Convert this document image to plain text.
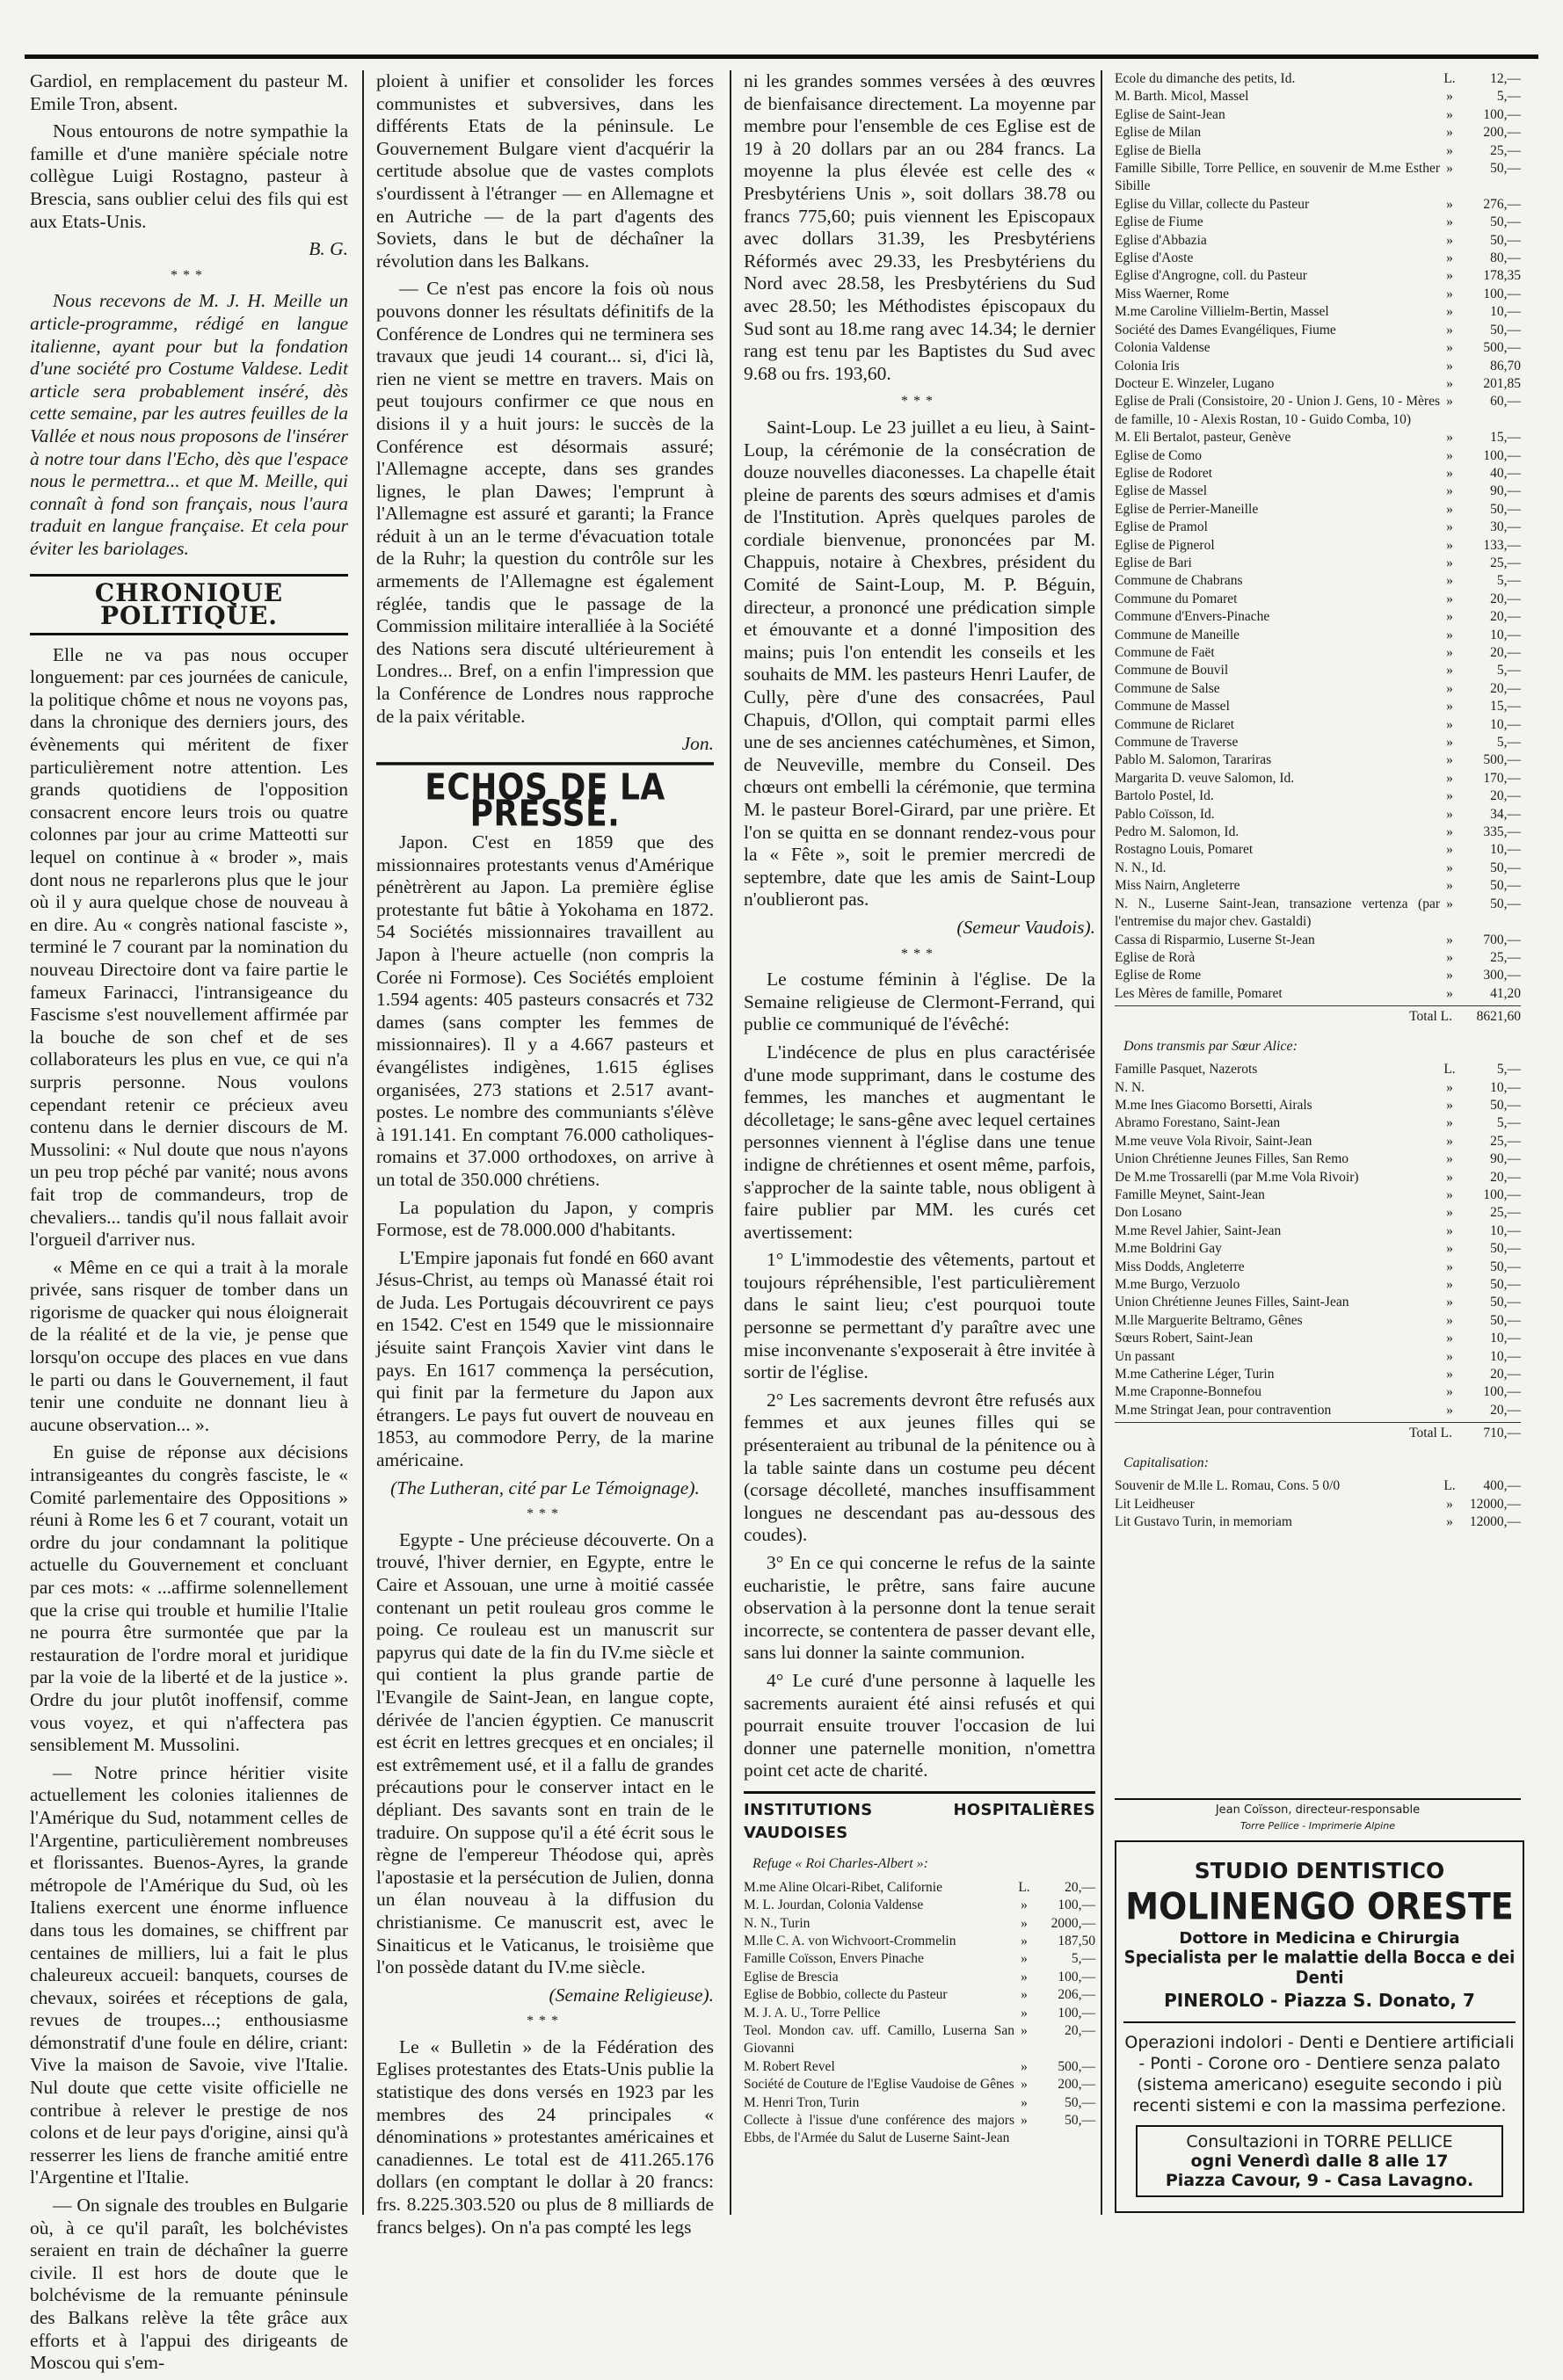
Gardiol, en remplacement du pasteur M. Emile Tron, absent.

Nous entourons de notre sympathie la famille et d'une manière spéciale notre collègue Luigi Rostagno, pasteur à Brescia, sans oublier celui des fils qui est aux Etats-Unis.

B. G.
***

Nous recevons de M. J. H. Meille un article-programme, rédigé en langue italienne, ayant pour but la fondation d'une société pro Costume Valdese. Ledit article sera probablement inséré, dès cette semaine, par les autres feuilles de la Vallée et nous nous proposons de l'insérer à notre tour dans l'Echo, dès que l'espace nous le permettra... et que M. Meille, qui connaît à fond son français, nous l'aura traduit en langue française. Et cela pour éviter les bariolages.

CHRONIQUE POLITIQUE.

Elle ne va pas nous occuper longuement: par ces journées de canicule, la politique chôme et nous ne voyons pas, dans la chronique des derniers jours, des évènements qui méritent de fixer particulièrement notre attention. Les grands quotidiens de l'opposition consacrent encore leurs trois ou quatre colonnes par jour au crime Matteotti sur lequel on continue à « broder », mais dont nous ne reparlerons plus que le jour où il y aura quelque chose de nouveau à en dire. Au « congrès national fasciste », terminé le 7 courant par la nomination du nouveau Directoire dont va faire partie le fameux Farinacci, l'intransigeance du Fascisme s'est nouvellement affirmée par la bouche de son chef et de ses collaborateurs les plus en vue, ce qui n'a surpris personne. Nous voulons cependant retenir ce précieux aveu contenu dans le dernier discours de M. Mussolini: « Nul doute que nous n'ayons un peu trop péché par vanité; nous avons fait trop de commandeurs, trop de chevaliers... tandis qu'il nous fallait avoir l'orgueil d'arriver nus.

« Même en ce qui a trait à la morale privée, sans risquer de tomber dans un rigorisme de quacker qui nous éloignerait de la réalité et de la vie, je pense que lorsqu'on occupe des places en vue dans le parti ou dans le Gouvernement, il faut tenir une conduite ne donnant lieu à aucune observation... ».

En guise de réponse aux décisions intransigeantes du congrès fasciste, le « Comité parlementaire des Oppositions » réuni à Rome les 6 et 7 courant, votait un ordre du jour condamnant la politique actuelle du Gouvernement et concluant par ces mots: « ...affirme solennellement que la crise qui trouble et humilie l'Italie ne pourra être surmontée que par la restauration de l'ordre moral et juridique par la voie de la liberté et de la justice ». Ordre du jour plutôt inoffensif, comme vous voyez, et qui n'affectera pas sensiblement M. Mussolini.

— Notre prince héritier visite actuellement les colonies italiennes de l'Amérique du Sud, notamment celles de l'Argentine, particulièrement nombreuses et florissantes. Buenos-Ayres, la grande métropole de l'Amérique du Sud, où les Italiens exercent une énorme influence dans tous les domaines, se chiffrent par centaines de milliers, lui a fait le plus chaleureux accueil: banquets, courses de chevaux, soirées et réceptions de gala, revues de troupes...; enthousiasme démonstratif d'une foule en délire, criant: Vive la maison de Savoie, vive l'Italie. Nul doute que cette visite officielle ne contribue à relever le prestige de nos colons et de leur pays d'origine, ainsi qu'à resserrer les liens de franche amitié entre l'Argentine et l'Italie.

— On signale des troubles en Bulgarie où, à ce qu'il paraît, les bolchévistes seraient en train de déchaîner la guerre civile. Il est hors de doute que le bolchévisme de la remuante péninsule des Balkans relève la tête grâce aux efforts et à l'appui des dirigeants de Moscou qui s'em-

ploient à unifier et consolider les forces communistes et subversives, dans les différents Etats de la péninsule. Le Gouvernement Bulgare vient d'acquérir la certitude absolue que de vastes complots s'ourdissent à l'étranger — en Allemagne et en Autriche — de la part d'agents des Soviets, dans le but de déchaîner la révolution dans les Balkans.

— Ce n'est pas encore la fois où nous pouvons donner les résultats définitifs de la Conférence de Londres qui ne terminera ses travaux que jeudi 14 courant... si, d'ici là, rien ne vient se mettre en travers. Mais on peut toujours confirmer ce que nous en disions il y a huit jours: le succès de la Conférence est désormais assuré; l'Allemagne accepte, dans ses grandes lignes, le plan Dawes; l'emprunt à l'Allemagne est assuré et garanti; la France réduit à un an le terme d'évacuation totale de la Ruhr; la question du contrôle sur les armements de l'Allemagne est également réglée, tandis que le passage de la Commission militaire interalliée à la Société des Nations sera discuté ultérieurement à Londres... Bref, on a enfin l'impression que la Conférence de Londres nous rapproche de la paix véritable.

Jon.
ECHOS DE LA PRESSE.

Japon. C'est en 1859 que des missionnaires protestants venus d'Amérique pénètrèrent au Japon. La première église protestante fut bâtie à Yokohama en 1872. 54 Sociétés missionnaires travaillent au Japon à l'heure actuelle (non compris la Corée ni Formose). Ces Sociétés emploient 1.594 agents: 405 pasteurs consacrés et 732 dames (sans compter les femmes de missionnaires). Il y a 4.667 pasteurs et évangélistes indigènes, 1.615 églises organisées, 273 stations et 2.517 avant-postes. Le nombre des communiants s'élève à 191.141. En comptant 76.000 catholiques-romains et 37.000 orthodoxes, on arrive à un total de 350.000 chrétiens.

La population du Japon, y compris Formose, est de 78.000.000 d'habitants.

L'Empire japonais fut fondé en 660 avant Jésus-Christ, au temps où Manassé était roi de Juda. Les Portugais découvrirent ce pays en 1542. C'est en 1549 que le missionnaire jésuite saint François Xavier vint dans le pays. En 1617 commença la persécution, qui finit par la fermeture du Japon aux étrangers. Le pays fut ouvert de nouveau en 1853, au commodore Perry, de la marine américaine.

(The Lutheran, cité par Le Témoignage).
***

Egypte - Une précieuse découverte. On a trouvé, l'hiver dernier, en Egypte, entre le Caire et Assouan, une urne à moitié cassée contenant un petit rouleau gros comme le poing. Ce rouleau est un manuscrit sur papyrus qui date de la fin du IV.me siècle et qui contient la plus grande partie de l'Evangile de Saint-Jean, en langue copte, dérivée de l'ancien égyptien. Ce manuscrit est écrit en lettres grecques et en onciales; il est extrêmement usé, et il a fallu de grandes précautions pour le conserver intact en le dépliant. Des savants sont en train de le traduire. On suppose qu'il a été écrit sous le règne de l'empereur Théodose qui, après l'apostasie et la persécution de Julien, donna un élan nouveau à la diffusion du christianisme. Ce manuscrit est, avec le Sinaiticus et le Vaticanus, le troisième que l'on possède datant du IV.me siècle.

(Semaine Religieuse).
***

Le « Bulletin » de la Fédération des Eglises protestantes des Etats-Unis publie la statistique des dons versés en 1923 par les membres des 24 principales « dénominations » protestantes américaines et canadiennes. Le total est de 411.265.176 dollars (en comptant le dollar à 20 francs: frs. 8.225.303.520 ou plus de 8 milliards de francs belges). On n'a pas compté les legs

ni les grandes sommes versées à des œuvres de bienfaisance directement. La moyenne par membre pour l'ensemble de ces Eglise est de 19 à 20 dollars par an ou 284 francs. La moyenne la plus élevée est celle des « Presbytériens Unis », soit dollars 38.78 ou francs 775,60; puis viennent les Episcopaux avec dollars 31.39, les Presbytériens Réformés avec 29.33, les Presbytériens du Nord avec 28.58, les Presbytériens du Sud avec 28.50; les Méthodistes épiscopaux du Sud sont au 18.me rang avec 14.34; le dernier rang est tenu par les Baptistes du Sud avec 9.68 ou frs. 193,60.

***

Saint-Loup. Le 23 juillet a eu lieu, à Saint-Loup, la cérémonie de la consécration de douze nouvelles diaconesses. La chapelle était pleine de parents des sœurs admises et d'amis de l'Institution. Après quelques paroles de cordiale bienvenue, prononcées par M. Chappuis, notaire à Chexbres, président du Comité de Saint-Loup, M. P. Béguin, directeur, a prononcé une prédication simple et émouvante et a donné l'imposition des mains; puis l'on entendit les conseils et les souhaits de MM. les pasteurs Henri Laufer, de Cully, père d'une des consacrées, Paul Chapuis, d'Ollon, qui comptait parmi elles une de ses anciennes catéchumènes, et Simon, de Neuveville, membre du Conseil. Des chœurs ont embelli la cérémonie, que termina M. le pasteur Borel-Girard, par une prière. Et l'on se quitta en se donnant rendez-vous pour la « Fête », soit le premier mercredi de septembre, date que les amis de Saint-Loup n'oublieront pas.

(Semeur Vaudois).
***

Le costume féminin à l'église. De la Semaine religieuse de Clermont-Ferrand, qui publie ce communiqué de l'évêché:

L'indécence de plus en plus caractérisée d'une mode supprimant, dans le costume des femmes, les manches et augmentant le décolletage; le sans-gêne avec lequel certaines personnes viennent à l'église dans une tenue indigne de chrétiennes et osent même, parfois, s'approcher de la sainte table, nous obligent à faire publier par MM. les curés cet avertissement:

1° L'immodestie des vêtements, partout et toujours répréhensible, l'est particulièrement dans le saint lieu; c'est pourquoi toute personne se permettant d'y paraître avec une mise inconvenante s'exposerait à être invitée à sortir de l'église.

2° Les sacrements devront être refusés aux femmes et aux jeunes filles qui se présenteraient au tribunal de la pénitence ou à la table sainte dans un costume peu décent (corsage décolleté, manches insuffisamment longues ne descendant pas au-dessous des coudes).

3° En ce qui concerne le refus de la sainte eucharistie, le prêtre, sans faire aucune observation à la personne dont la tenue serait incorrecte, se contentera de passer devant elle, sans lui donner la sainte communion.

4° Le curé d'une personne à laquelle les sacrements auraient été ainsi refusés et qui pourrait ensuite trouver l'occasion de lui donner une paternelle monition, n'omettra point cet acte de charité.

INSTITUTIONS HOSPITALIÈRES VAUDOISES
Refuge « Roi Charles-Albert »:
M.me Aline Olcari-Ribet, Californie	L.	20,—
M. L. Jourdan, Colonia Valdense	»	100,—
N. N., Turin	»	2000,—
M.lle C. A. von Wichvoort-Crommelin	»	187,50
Famille Coïsson, Envers Pinache	»	5,—
Eglise de Brescia	»	100,—
Eglise de Bobbio, collecte du Pasteur	»	206,—
M. J. A. U., Torre Pellice	»	100,—
Teol. Mondon cav. uff. Camillo, Luserna San Giovanni
»	20,—
M. Robert Revel	»	500,—
Société de Couture de l'Eglise Vaudoise de Gênes »	200,—
M. Henri Tron, Turin	»	50,—
Collecte à l'issue d'une conférence des majors Ebbs, de l'Armée du Salut de Luserne Saint-Jean
»	50,—
Ecole du dimanche des petits, Id.	L.	12,—
M. Barth. Micol, Massel	»	5,—
Eglise de Saint-Jean	»	100,—
Eglise de Milan	»	200,—
Eglise de Biella	»	25,—
Famille Sibille, Torre Pellice, en souvenir de M.me Esther Sibille
»	50,—
Eglise du Villar, collecte du Pasteur	»	276,—
Eglise de Fiume	»	50,—
Eglise d'Abbazia	»	50,—
Eglise d'Aoste	»	80,—
Eglise d'Angrogne, coll. du Pasteur	»	178,35
Miss Waerner, Rome	»	100,—
M.me Caroline Villielm-Bertin, Massel	»	10,—
Société des Dames Evangéliques, Fiume	»	50,—
Colonia Valdense	»	500,—
Colonia Iris	»	86,70
Docteur E. Winzeler, Lugano	»	201,85
Eglise de Prali (Consistoire, 20 - Union J. Gens, 10 - Mères de famille, 10 - Alexis Rostan, 10 - Guido Comba, 10)
»	60,—
M. Eli Bertalot, pasteur, Genève	»	15,—
Eglise de Como	»	100,—
Eglise de Rodoret	»	40,—
Eglise de Massel	»	90,—
Eglise de Perrier-Maneille	»	50,—
Eglise de Pramol	»	30,—
Eglise de Pignerol	»	133,—
Eglise de Bari	»	25,—
Commune de Chabrans	»	5,—
Commune du Pomaret	»	20,—
Commune d'Envers-Pinache	»	20,—
Commune de Maneille	»	10,—
Commune de Faët	»	20,—
Commune de Bouvil	»	5,—
Commune de Salse	»	20,—
Commune de Massel	»	15,—
Commune de Riclaret	»	10,—
Commune de Traverse	»	5,—
Pablo M. Salomon, Tarariras	»	500,—
Margarita D. veuve Salomon, Id.	»	170,—
Bartolo Postel, Id.	»	20,—
Pablo Coïsson, Id.	»	34,—
Pedro M. Salomon, Id.	»	335,—
Rostagno Louis, Pomaret	»	10,—
N. N., Id.	»	50,—
Miss Nairn, Angleterre	»	50,—
N. N., Luserne Saint-Jean, transazione vertenza (par l'entremise du major chev. Gastaldi)
»	50,—
Cassa di Risparmio, Luserne St-Jean	»	700,—
Eglise de Rorà	»	25,—
Eglise de Rome	»	300,—
Les Mères de famille, Pomaret	»	41,20
Total L.	8621,60
Dons transmis par Sœur Alice:
Famille Pasquet, Nazerots	L.	5,—
N. N.	»	10,—
M.me Ines Giacomo Borsetti, Airals	»	50,—
Abramo Forestano, Saint-Jean	»	5,—
M.me veuve Vola Rivoir, Saint-Jean	»	25,—
Union Chrétienne Jeunes Filles, San Remo	»	90,—
De M.me Trossarelli (par M.me Vola Rivoir)	»	20,—
Famille Meynet, Saint-Jean	»	100,—
Don Losano	»	25,—
M.me Revel Jahier, Saint-Jean	»	10,—
M.me Boldrini Gay	»	50,—
Miss Dodds, Angleterre	»	50,—
M.me Burgo, Verzuolo	»	50,—
Union Chrétienne Jeunes Filles, Saint-Jean	»	50,—
M.lle Marguerite Beltramo, Gênes	»	50,—
Sœurs Robert, Saint-Jean	»	10,—
Un passant	»	10,—
M.me Catherine Léger, Turin	»	20,—
M.me Craponne-Bonnefou	»	100,—
M.me Stringat Jean, pour contravention	»	20,—
Total L.	710,—
Capitalisation:
Souvenir de M.lle L. Romau, Cons. 5 0/0	L.	400,—
Lit Leidheuser	»	12000,—
Lit Gustavo Turin, in memoriam	»	12000,—
Jean Coïsson, directeur-responsable
Torre Pellice - Imprimerie Alpine
STUDIO DENTISTICO
MOLINENGO ORESTE
Dottore in Medicina e Chirurgia
Specialista per le malattie della Bocca e dei Denti
PINEROLO - Piazza S. Donato, 7
Operazioni indolori - Denti e Dentiere artificiali - Ponti - Corone oro - Dentiere senza palato (sistema americano) eseguite secondo i più recenti sistemi e con la massima perfezione.
Consultazioni in TORRE PELLICE
ogni Venerdì dalle 8 alle 17
Piazza Cavour, 9 - Casa Lavagno.
